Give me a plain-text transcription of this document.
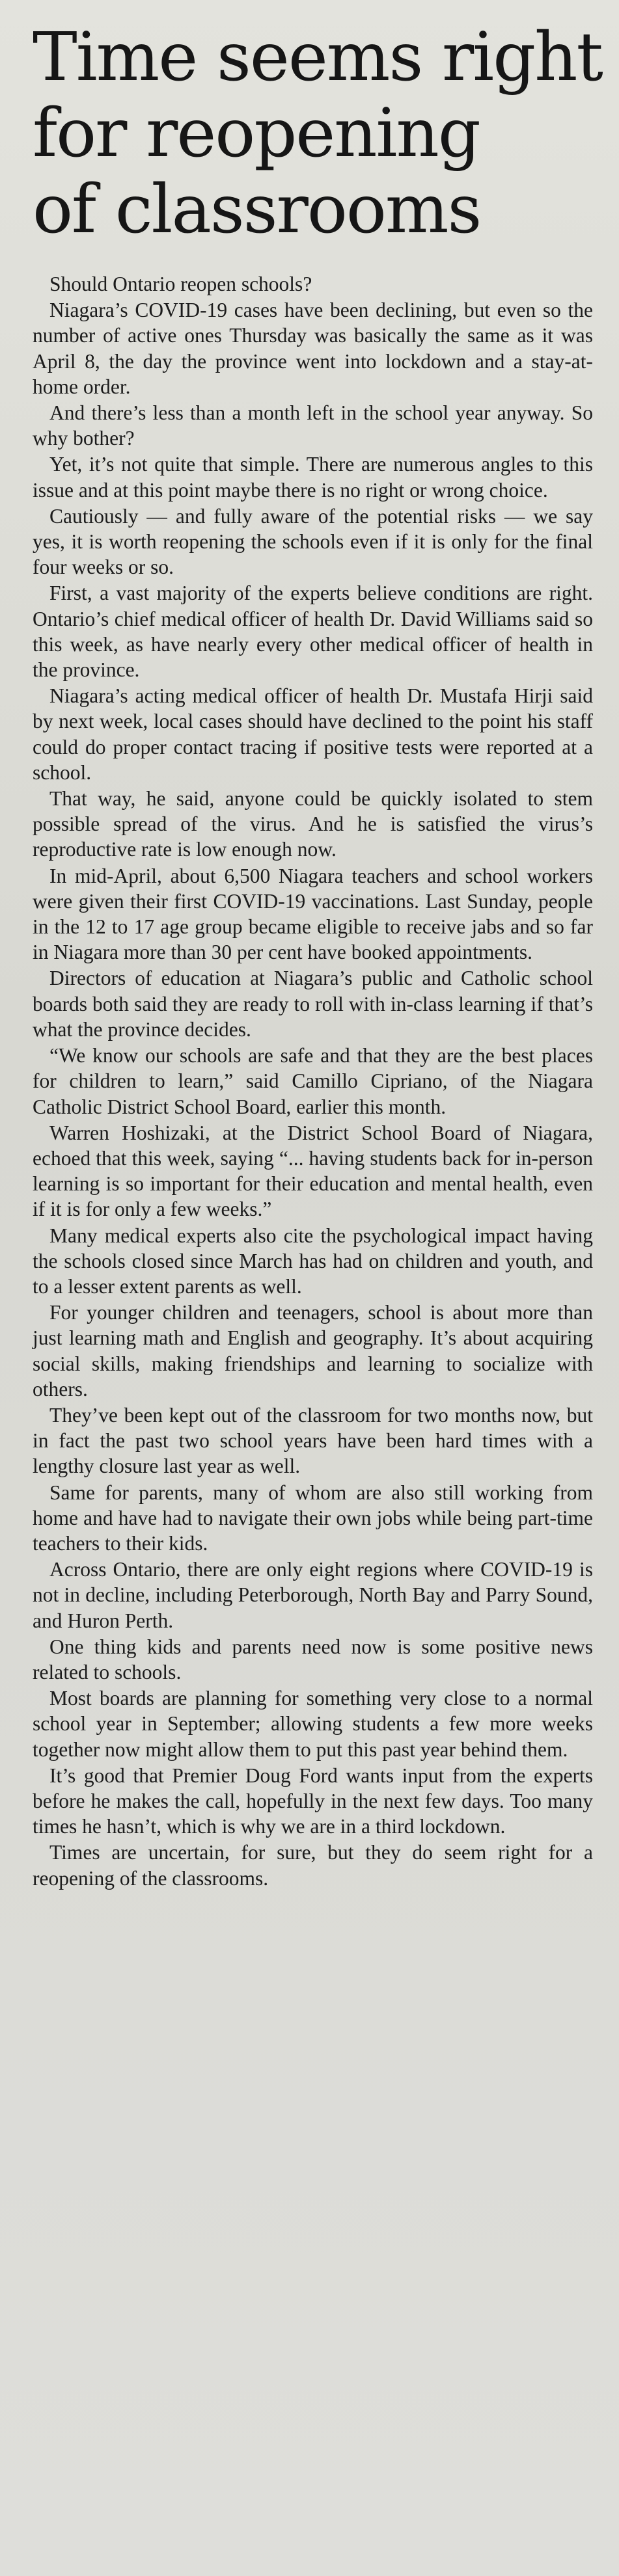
Time seems right
for reopening
of classrooms

Should Ontario reopen schools?

Niagara’s COVID-19 cases have been declining, but even so the number of active ones Thursday was basically the same as it was April 8, the day the province went into lockdown and a stay-at-home order.

And there’s less than a month left in the school year anyway. So why bother?

Yet, it’s not quite that simple. There are numerous angles to this issue and at this point maybe there is no right or wrong choice.

Cautiously — and fully aware of the potential risks — we say yes, it is worth reopening the schools even if it is only for the final four weeks or so.

First, a vast majority of the experts believe conditions are right. Ontario’s chief medical officer of health Dr. David Williams said so this week, as have nearly every other medical officer of health in the province.

Niagara’s acting medical officer of health Dr. Mustafa Hirji said by next week, local cases should have declined to the point his staff could do proper contact tracing if positive tests were reported at a school.

That way, he said, anyone could be quickly isolated to stem possible spread of the virus. And he is satisfied the virus’s reproductive rate is low enough now.

In mid-April, about 6,500 Niagara teachers and school workers were given their first COVID-19 vaccinations. Last Sunday, people in the 12 to 17 age group became eligible to receive jabs and so far in Niagara more than 30 per cent have booked appointments.

Directors of education at Niagara’s public and Catholic school boards both said they are ready to roll with in-class learning if that’s what the province decides.

“We know our schools are safe and that they are the best places for children to learn,” said Camillo Cipriano, of the Niagara Catholic District School Board, earlier this month.

Warren Hoshizaki, at the District School Board of Niagara, echoed that this week, saying “... having students back for in-person learning is so important for their education and mental health, even if it is for only a few weeks.”

Many medical experts also cite the psychological impact having the schools closed since March has had on children and youth, and to a lesser extent parents as well.

For younger children and teenagers, school is about more than just learning math and English and geography. It’s about acquiring social skills, making friendships and learning to socialize with others.

They’ve been kept out of the classroom for two months now, but in fact the past two school years have been hard times with a lengthy closure last year as well.

Same for parents, many of whom are also still working from home and have had to navigate their own jobs while being part-time teachers to their kids.

Across Ontario, there are only eight regions where COVID-19 is not in decline, including Peterborough, North Bay and Parry Sound, and Huron Perth.

One thing kids and parents need now is some positive news related to schools.

Most boards are planning for something very close to a normal school year in September; allowing students a few more weeks together now might allow them to put this past year behind them.

It’s good that Premier Doug Ford wants input from the experts before he makes the call, hopefully in the next few days. Too many times he hasn’t, which is why we are in a third lockdown.

Times are uncertain, for sure, but they do seem right for a reopening of the classrooms.
